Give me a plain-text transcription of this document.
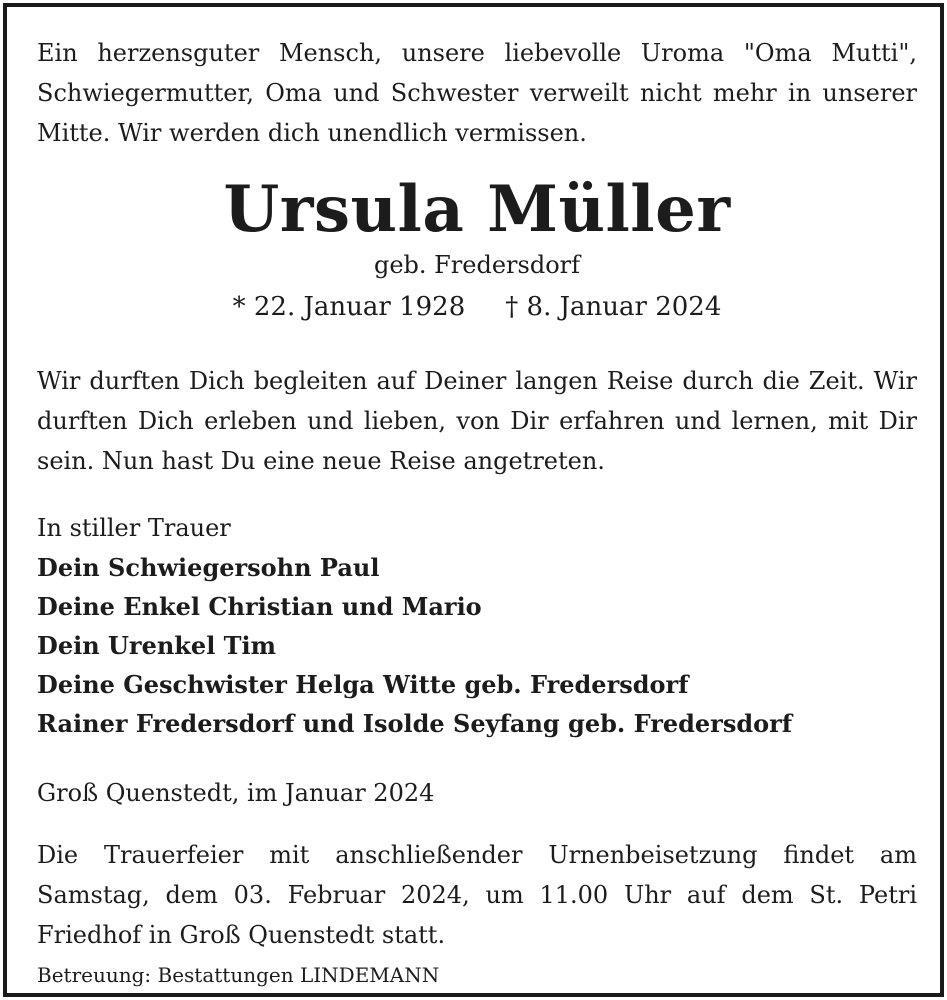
Ein herzensguter Mensch, unsere liebevolle Uroma "Oma Mutti", Schwiegermutter, Oma und Schwester verweilt nicht mehr in unserer Mitte. Wir werden dich unendlich vermissen.

Ursula Müller
geb. Fredersdorf
* 22. Januar 1928 † 8. Januar 2024

Wir durften Dich begleiten auf Deiner langen Reise durch die Zeit. Wir durften Dich erleben und lieben, von Dir erfahren und lernen, mit Dir sein. Nun hast Du eine neue Reise angetreten.

In stiller Trauer
Dein Schwiegersohn Paul
Deine Enkel Christian und Mario
Dein Urenkel Tim
Deine Geschwister Helga Witte geb. Fredersdorf
Rainer Fredersdorf und Isolde Seyfang geb. Fredersdorf
Groß Quenstedt, im Januar 2024

Die Trauerfeier mit anschließender Urnenbeisetzung findet am Samstag, dem 03. Februar 2024, um 11.00 Uhr auf dem St. Petri Friedhof in Groß Quenstedt statt.

Betreuung: Bestattungen LINDEMANN
